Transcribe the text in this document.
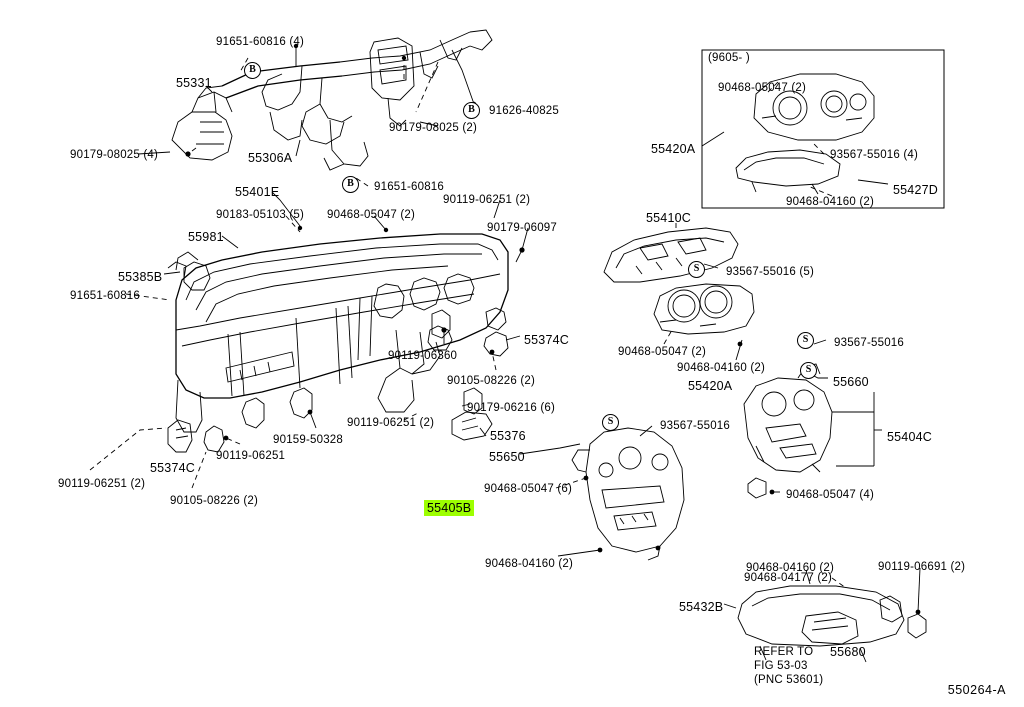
B
B
B
S
S
S
S
91651-60816 (4)
55331
91626-40825
90179-08025 (2)
90179-08025 (4)	55306A
91651-60816
55401E
90119-06251 (2)
90183-05103 (5) 90468-05047 (2)
90179-06097
55981
55385B
91651-60816
55374C
90119-06360
90105-08226 (2)
90179-06216 (6)
90119-06251 (2)
90159-50328	55376
90119-06251
55374C
55650
90119-06251 (2)
90105-08226 (2)
90468-05047 (6)
90468-04160 (2)
93567-55016
55410C
93567-55016 (5)
90468-05047 (2)
90468-04160 (2)
55420A
93567-55016
55660
55404C
90468-05047 (4)
90468-05047 (2)
55420A	93567-55016 (4)
55427D
90468-04160 (2)
90468-04160 (2)
90468-04177 (2)
90119-06691 (2)
55432B
55680
(9605- )
REFER TO
FIG 53-03
(PNC 53601)
55405B
550264-A
